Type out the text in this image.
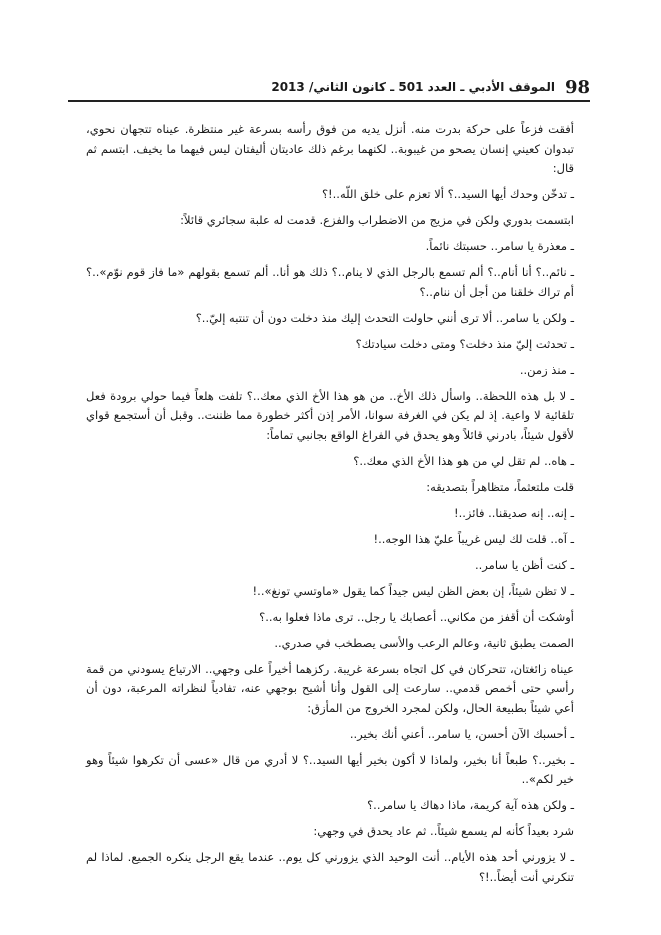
98
الموقف الأدبي ـ العدد 501 ـ كانون الثاني/ 2013

أفقت فزعاً على حركة بدرت منه. أنزل يديه من فوق رأسه بسرعة غير منتظرة. عيناه تتجهان نحوي، تبدوان كعيني إنسان يصحو من غيبوبة.. لكنهما برغم ذلك عاديتان أليفتان ليس فيهما ما يخيف. ابتسم ثم قال:

ـ تدخّن وحدك أيها السيد..؟ ألا تعزم على خلق اللّه..!؟

ابتسمت بدوري ولكن في مزيج من الاضطراب والفزع. قدمت له علبة سجائري قائلاً:

ـ معذرة يا سامر.. حسبتك نائماً.

ـ نائم..؟ أنا أنام..؟ ألم تسمع بالرجل الذي لا ينام..؟ ذلك هو أنا.. ألم تسمع بقولهم «ما فاز قوم نوّم»..؟ أم تراك خلقنا من أجل أن ننام..؟

ـ ولكن يا سامر.. ألا ترى أنني حاولت التحدث إليك منذ دخلت دون أن تنتبه إليّ..؟

ـ تحدثت إليّ منذ دخلت؟ ومتى دخلت سيادتك؟

ـ منذ زمن..

ـ لا بل هذه اللحظة.. واسأل ذلك الأخ.. من هو هذا الأخ الذي معك..؟ تلفت هلعاً فيما حولي برودة فعل تلقائية لا واعية. إذ لم يكن في الغرفة سوانا، الأمر إذن أكثر خطورة مما ظننت.. وقبل أن أستجمع قواي لأقول شيئاً، بادرني قائلاً وهو يحدق في الفراغ الواقع بجانبي تماماً:

ـ هاه.. لم تقل لي من هو هذا الأخ الذي معك..؟

قلت ملتعثماً، متظاهراً بتصديقه:

ـ إنه.. إنه صديقنا.. فائز..!

ـ آه.. قلت لك ليس غريباً عليّ هذا الوجه..!

ـ كنت أظن يا سامر..

ـ لا تظن شيئاً، إن بعض الظن ليس جيداً كما يقول «ماوتسي تونغ»..!

أوشكت أن أقفز من مكاني.. أعصابك يا رجل.. ترى ماذا فعلوا به..؟

الصمت يطبق ثانية، وعالم الرعب والأسى يصطخب في صدري..

عيناه زائغتان، تتحركان في كل اتجاه بسرعة غريبة. ركزهما أخيراً على وجهي.. الارتياع يسودني من قمة رأسي حتى أخمص قدمي.. سارعت إلى القول وأنا أشيح بوجهي عنه، تفادياً لنظراته المرعبة، دون أن أعي شيئاً بطبيعة الحال، ولكن لمجرد الخروج من المأزق:

ـ أحسبك الآن أحسن، يا سامر.. أعني أنك بخير..

ـ بخير..؟ طبعاً أنا بخير، ولماذا لا أكون بخير أيها السيد..؟ لا أدري من قال «عسى أن تكرهوا شيئاً وهو خير لكم»..

ـ ولكن هذه آية كريمة، ماذا دهاك يا سامر..؟

شرد بعيداً كأنه لم يسمع شيئاً.. ثم عاد يحدق في وجهي:

ـ لا يزورني أحد هذه الأيام.. أنت الوحيد الذي يزورني كل يوم.. عندما يقع الرجل ينكره الجميع. لماذا لم تنكرني أنت أيضاً..!؟
